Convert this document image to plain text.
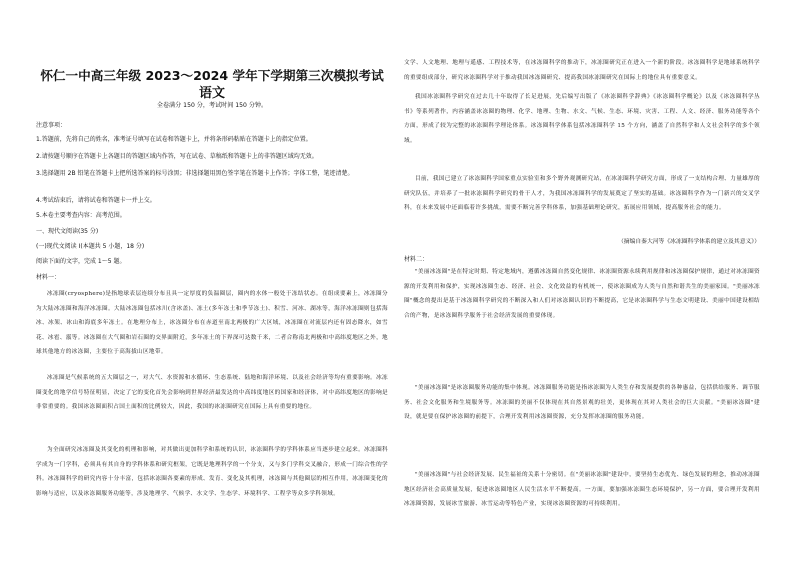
怀仁一中高三年级 2023～2024 学年下学期第三次模拟考试
语文
全卷满分 150 分，考试时间 150 分钟。
注意事项：
1.答题前，先将自己的姓名，准考证号填写在试卷和答题卡上，并将条形码粘贴在答题卡上的指定位置。
2.请按题号顺序在答题卡上各题目的答题区域内作答，写在试卷、草稿纸和答题卡上的非答题区域均无效。
3.选择题用 2B 铅笔在答题卡上把所选答案的标号涂黑；非选择题用黑色签字笔在答题卡上作答；字体工整，笔迹清楚。
4.考试结束后，请将试卷和答题卡一并上交。
5.本卷主要考查内容：高考范围。
一、现代文阅读(35 分)
(一)现代文阅读 I(本题共 5 小题，18 分)
阅读下面的文字，完成 1～5 题。
材料一：
冰冻圈(cryosphere)是指地球表层连续分布且具一定厚度的负温圈层，圈内的水体一般处于冻结状态。在组成要素上，冰冻圈分为大陆冰冻圈和海洋冰冻圈。大陆冰冻圈包括冰川(含冰盖)、冻土(多年冻土和季节冻土)、积雪、河冰、湖冰等，海洋冰冻圈则包括海冰、冰架、冰山和海底多年冻土。在地理分布上，冰冻圈分布在赤道至南北两极的广大区域，冰冻圈在对流层内还有固态降水，如雪花、冰雹、霰等。冰冻圈在大气圈和岩石圈的交界面附近，多年冻土的下界深可达数千米，二者合称南北两极和中高纬度地区之外，地球其他地方的冰冻圈，主要位于高海拔山区地带。
冰冻圈是气候系统的五大圈层之一，对大气、水资源和水循环、生态系统、陆地和海洋环境、以及社会经济等均有重要影响。冰冻圈变化的地学信号特征明显，决定了它的变化首先会影响到世界经济最发达的中高纬度地区的国家和经济体，对中高纬度地区的影响是非常重要的。我国冰冻圈面积占国土面积的比例较大，因此，我国的冰冻圈研究在国际上具有重要的地位。
为全面研究冰冻圈及其变化的机理和影响，对其做出更加科学和系统的认识，冰冻圈科学的学科体系应当逐步建立起来。冰冻圈科学成为一门学科，必须具有其自身的学科体系和研究框架，它既是地理科学的一个分支，又与多门学科交叉融合，形成一门综合性的学科。冰冻圈科学的研究内容十分丰富，包括冰冻圈各要素的形成、发育、变化及其机理，冰冻圈与其他圈层的相互作用，冰冻圈变化的影响与适应，以及冰冻圈服务功能等，涉及地理学、气候学、水文学、生态学、环境科学、工程学等众多学科领域。
文学、人文地理、地理与遥感、工程技术等，在冰冻圈科学的推动下，冰冻圈研究正在进入一个新的阶段。冰冻圈科学是地球系统科学的重要组成部分，研究冰冻圈科学对于推动我国冰冻圈研究、提高我国冰冻圈研究在国际上的地位具有重要意义。
我国冰冻圈科学研究在过去几十年取得了长足进展，先后编写出版了《冰冻圈科学辞典》《冰冻圈科学概论》以及《冰冻圈科学丛书》等系列著作，内容涵盖冰冻圈的物理、化学、地理、生物、水文、气候、生态、环境、灾害、工程、人文、经济、服务功能等各个方面，形成了较为完整的冰冻圈科学理论体系。冰冻圈科学体系包括冰冻圈科学 15 个方向，涵盖了自然科学和人文社会科学的多个领域。
目前，我国已建立了冰冻圈科学国家重点实验室和多个野外观测研究站，在冰冻圈科学研究方面，形成了一支结构合理、力量雄厚的研究队伍，并培养了一批冰冻圈科学研究的骨干人才，为我国冰冻圈科学的发展奠定了坚实的基础。冰冻圈科学作为一门新兴的交叉学科，在未来发展中还面临着许多挑战，需要不断完善学科体系，加强基础理论研究，拓展应用领域，提高服务社会的能力。
（摘编自秦大河等《冰冻圈科学体系的建立及其意义》）
材料二：
"美丽冰冻圈"是在特定时期、特定地域内，遵循冰冻圈自然变化规律、冰冻圈资源永续利用规律和冰冻圈保护规律，通过对冰冻圈资源的开发利用和保护，实现冰冻圈生态、经济、社会、文化效益的有机统一，使冰冻圈成为人类与自然和谐共生的美丽家园。"美丽冰冻圈"概念的提出是基于冰冻圈科学研究的不断深入和人们对冰冻圈认识的不断提高，它是冰冻圈科学与生态文明建设、美丽中国建设相结合的产物，是冰冻圈科学服务于社会经济发展的重要体现。
"美丽冰冻圈"是冰冻圈服务功能的集中体现。冰冻圈服务功能是指冰冻圈为人类生存和发展提供的各种惠益，包括供给服务、调节服务、社会文化服务和生境服务等。冰冻圈的美丽不仅体现在其自然景观的壮美，更体现在其对人类社会的巨大贡献。"美丽冰冻圈"建设，就是要在保护冰冻圈的前提下，合理开发利用冰冻圈资源，充分发挥冰冻圈的服务功能。
"美丽冰冻圈"与社会经济发展、民生福祉的关系十分密切。在"美丽冰冻圈"建设中，要坚持生态优先、绿色发展的理念，推动冰冻圈地区经济社会高质量发展，促进冰冻圈地区人民生活水平不断提高。一方面，要加强冰冻圈生态环境保护，另一方面，要合理开发利用冰冻圈资源，发展冰雪旅游、冰雪运动等特色产业，实现冰冻圈资源的可持续利用。
